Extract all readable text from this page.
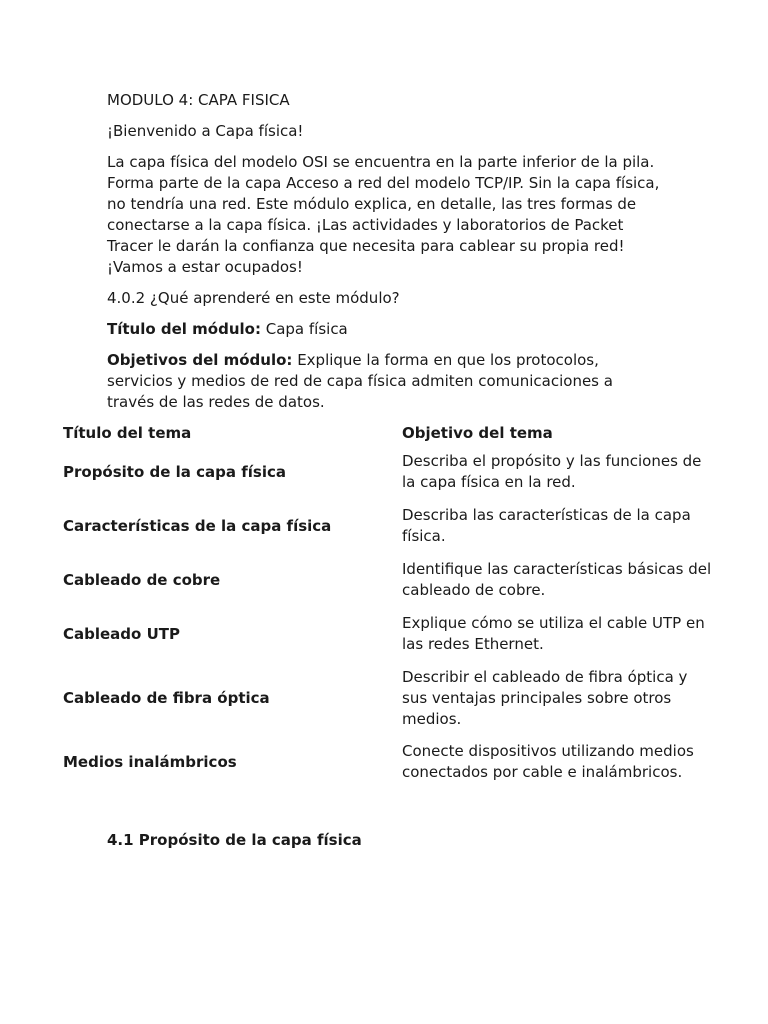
MODULO 4: CAPA FISICA
¡Bienvenido a Capa física!
La capa física del modelo OSI se encuentra en la parte inferior de la pila. Forma parte de la capa Acceso a red del modelo TCP/IP. Sin la capa física, no tendría una red. Este módulo explica, en detalle, las tres formas de conectarse a la capa física. ¡Las actividades y laboratorios de Packet Tracer le darán la confianza que necesita para cablear su propia red! ¡Vamos a estar ocupados!
4.0.2 ¿Qué aprenderé en este módulo?
Título del módulo: Capa física
Objetivos del módulo: Explique la forma en que los protocolos, servicios y medios de red de capa física admiten comunicaciones a través de las redes de datos.
Título del tema	Objetivo del tema
Propósito de la capa física	Describa el propósito y las funciones de la capa física en la red.
Características de la capa física	Describa las características de la capa física.
Cableado de cobre	Identifique las características básicas del cableado de cobre.
Cableado UTP	Explique cómo se utiliza el cable UTP en las redes Ethernet.
Cableado de fibra óptica	Describir el cableado de fibra óptica y sus ventajas principales sobre otros medios.
Medios inalámbricos	Conecte dispositivos utilizando medios conectados por cable e inalámbricos.
4.1 Propósito de la capa física
